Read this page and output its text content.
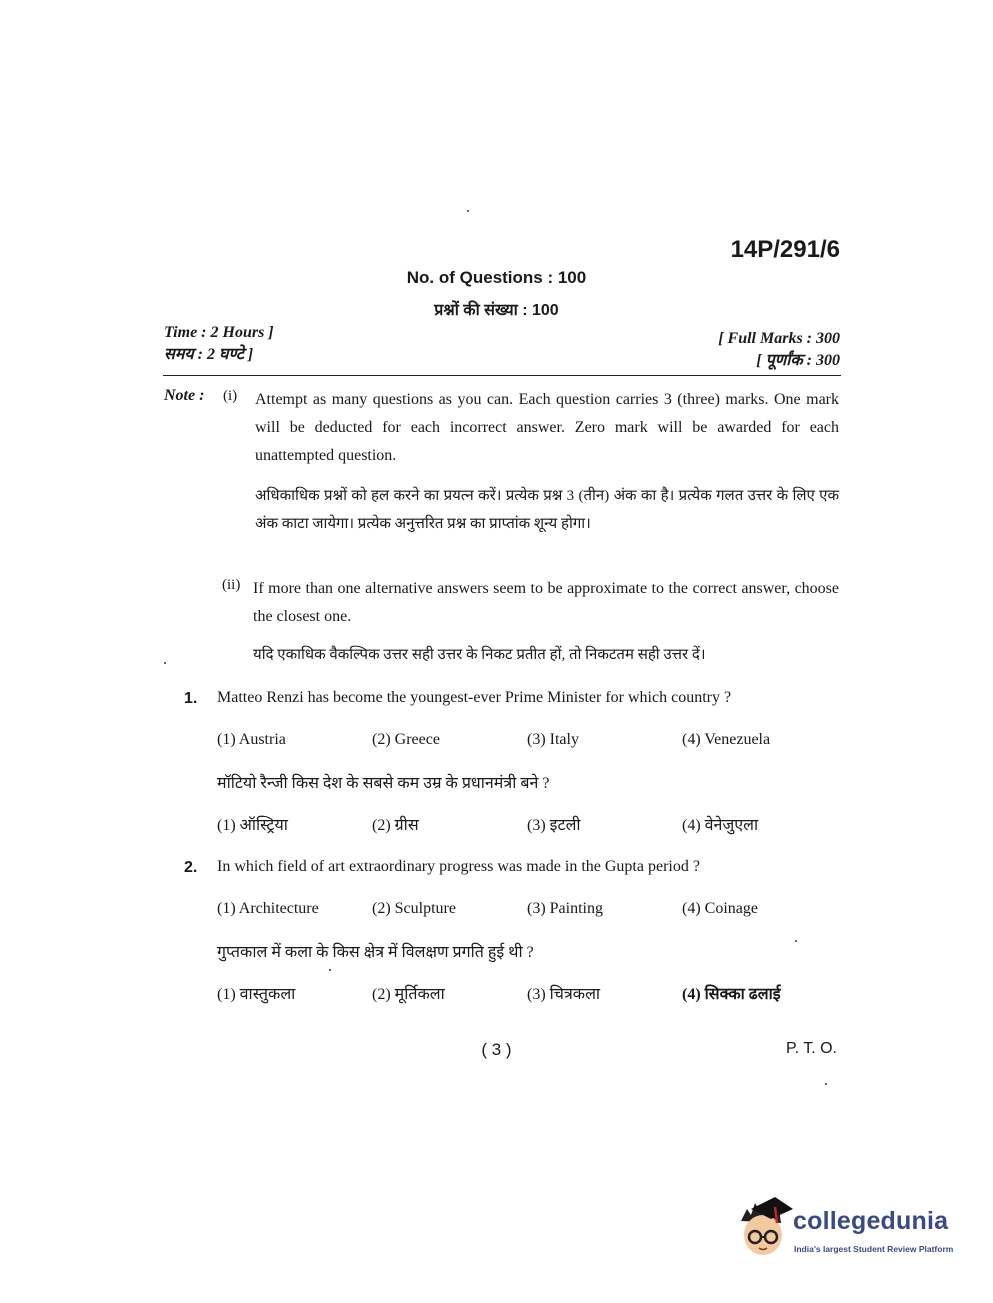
14P/291/6
No. of Questions : 100
प्रश्नों की संख्या : 100
Time : 2 Hours ]
समय : 2 घण्टे ]
[ Full Marks : 300
[ पूर्णांक : 300
Note : (i) Attempt as many questions as you can. Each question carries 3 (three) marks. One mark will be deducted for each incorrect answer. Zero mark will be awarded for each unattempted question.
अधिकाधिक प्रश्नों को हल करने का प्रयत्न करें। प्रत्येक प्रश्न 3 (तीन) अंक का है। प्रत्येक गलत उत्तर के लिए एक अंक काटा जायेगा। प्रत्येक अनुत्तरित प्रश्न का प्राप्तांक शून्य होगा।
(ii) If more than one alternative answers seem to be approximate to the correct answer, choose the closest one.
यदि एकाधिक वैकल्पिक उत्तर सही उत्तर के निकट प्रतीत हों, तो निकटतम सही उत्तर दें।
1. Matteo Renzi has become the youngest-ever Prime Minister for which country ?
(1) Austria	(2) Greece	(3) Italy	(4) Venezuela
मॉटियो रैन्जी किस देश के सबसे कम उम्र के प्रधानमंत्री बने ?
(1) ऑस्ट्रिया	(2) ग्रीस	(3) इटली	(4) वेनेजुएला
2. In which field of art extraordinary progress was made in the Gupta period ?
(1) Architecture	(2) Sculpture	(3) Painting	(4) Coinage
गुप्तकाल में कला के किस क्षेत्र में विलक्षण प्रगति हुई थी ?
(1) वास्तुकला	(2) मूर्तिकला	(3) चित्रकला	(4) सिक्का ढलाई
( 3 )	P. T. O.
collegedunia
India's largest Student Review Platform
